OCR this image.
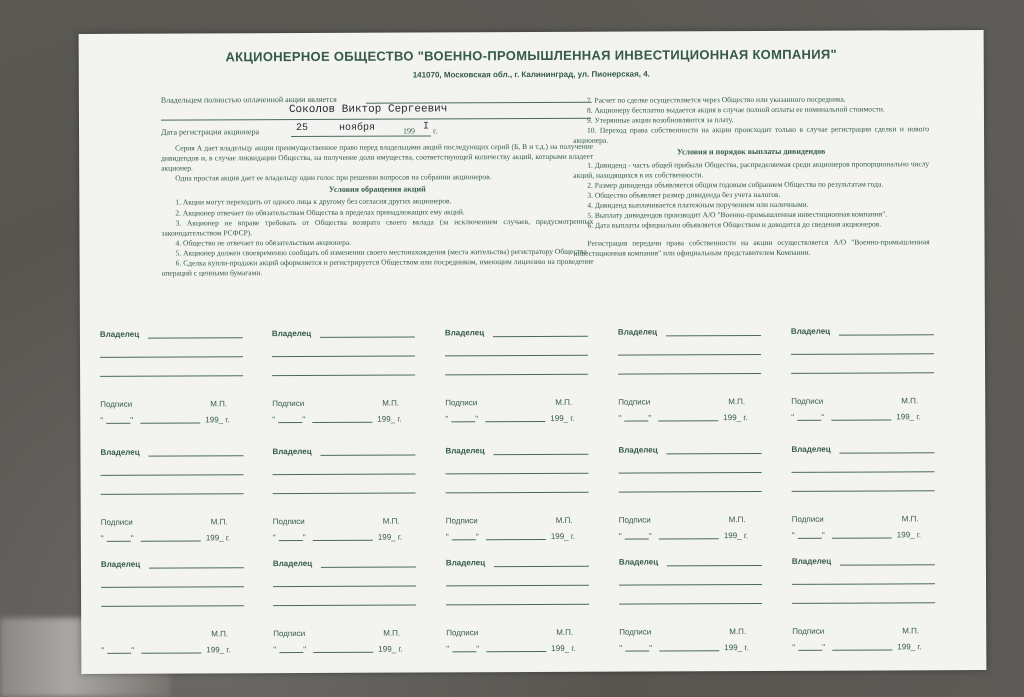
АКЦИОНЕРНОЕ ОБЩЕСТВО "ВОЕННО-ПРОМЫШЛЕННАЯ ИНВЕСТИЦИОННАЯ КОМПАНИЯ"
141070, Московская обл., г. Калининград, ул. Пионерская, 4.
Владельцем полностью оплаченной акции является
Соколов Виктор Сергеевич
Дата регистрации акционера	25	ноября	199 I г.

Серия А дает владельцу акции преимущественное право перед владельцами акций последующих серий (Б, В и т.д.) на получение дивидендов и, в случае ликвидации Общества, на получение доли имущества, соответствующей количеству акций, которыми владеет акционер.

Одна простая акция дает ее владельцу один голос при решении вопросов на собрании акционеров.

Условия обращения акций

1. Акции могут переходить от одного лица к другому без согласия других акционеров.

2. Акционер отвечает по обязательствам Общества в пределах принадлежащих ему акций.

3. Акционер не вправе требовать от Общества возврата своего вклада (за исключением случаев, предусмотренных законодательством РСФСР).

4. Общество не отвечает по обязательствам акционера.

5. Акционер должен своевременно сообщать об изменении своего местонахождения (места жительства) регистратору Общества.

6. Сделка купли-продажи акций оформляется и регистрируется Обществом или посредником, имеющим лицензию на проведение операций с ценными бумагами.

7. Расчет по сделке осуществляется через Общество или указанного посредника.

8. Акционеру бесплатно выдается акция в случае полной оплаты ее номинальной стоимости.

9. Утерянные акции возобновляются за плату.

10. Переход права собственности на акции происходит только в случае регистрации сделки и нового акционера.

Условия и порядок выплаты дивидендов

1. Дивиденд - часть общей прибыли Общества, распределяемая среди акционеров пропорционально числу акций, находящихся в их собственности.

2. Размер дивиденда объявляется общим годовым собранием Общества по результатам года.

3. Общество объявляет размер дивиденда без учета налогов.

4. Дивиденд выплачивается платежным поручением или наличными.

5. Выплату дивидендов производит А/О "Военно-промышленная инвестиционная компания".

6. Дата выплаты официально объявляется Обществом и доводится до сведения акционеров.

Регистрация передачи права собственности на акции осуществляется А/О "Военно-промышленная инвестиционная компания" или официальным представителем Компании.

Владелец
Подписи	М.П.
"	"	199_ г.
Владелец
Подписи	М.П.
"	"	199_ г.
Владелец
Подписи	М.П.
"	"	199_ г.
Владелец
Подписи	М.П.
"	"	199_ г.
Владелец
Подписи	М.П.
"	"	199_ г.
Владелец
Подписи	М.П.
"	"	199_ г.
Владелец
Подписи	М.П.
"	"	199_ г.
Владелец
Подписи	М.П.
"	"	199_ г.
Владелец
Подписи	М.П.
"	"	199_ г.
Владелец
Подписи	М.П.
"	"	199_ г.
Владелец
М.П.
"	"	199_ г.
Владелец
Подписи	М.П.
"	"	199_ г.
Владелец
Подписи	М.П.
"	"	199_ г.
Владелец
Подписи	М.П.
"	"	199_ г.
Владелец
Подписи	М.П.
"	"	199_ г.
